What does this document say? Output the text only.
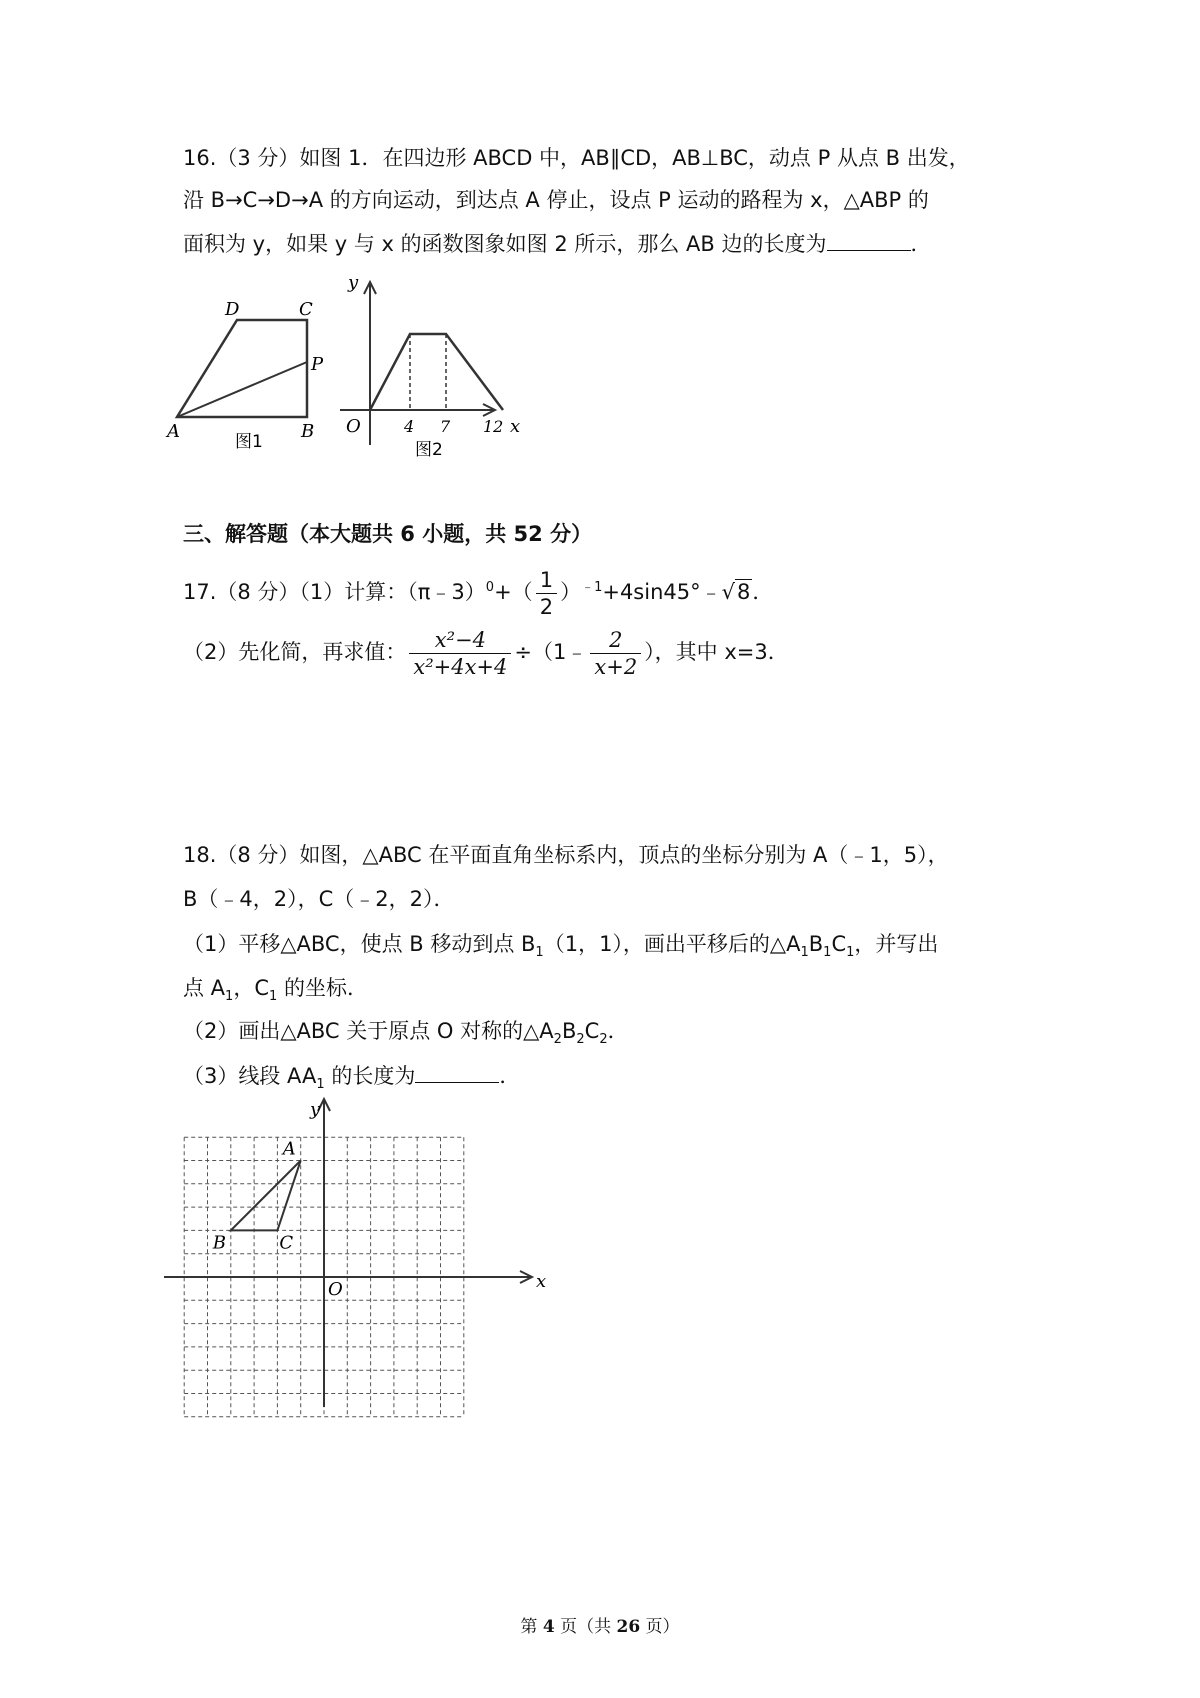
16.（3 分）如图 1．在四边形 ABCD 中，AB∥CD，AB⊥BC，动点 P 从点 B 出发，
沿 B→C→D→A 的方向运动，到达点 A 停止，设点 P 运动的路程为 x，△ABP 的
面积为 y，如果 y 与 x 的函数图象如图 2 所示，那么 AB 边的长度为	．
D	C
P
A	B
图1
y
O	4 7 12 x
图2
三、解答题（本大题共 6 小题，共 52 分）
17.（8 分）（1）计算：（π﹣3）$^0$+（ $\frac{1}{2}$ ）$^{﹣1}$+4sin45°﹣√8．
（2）先化简，再求值： $\frac{\text{x²−4}}{\text{x²+4x+4}}$ ÷（1﹣ $\frac{2}{x+2}$ ），其中 x=3．
18.（8 分）如图，△ABC 在平面直角坐标系内，顶点的坐标分别为 A（﹣1，5），
B（﹣4，2），C（﹣2，2）．
（1）平移△ABC，使点 B 移动到点 $B_1(1$，1），画出平移后的$\triangle A_1B_1C_1$，并写出
点 $A_1$，$C_1$ 的坐标．
（2）画出△ABC 关于原点 O 对称的$\triangle A_2B_2C_2$．
（3）线段 $AA_1$ 的长度为	．
y
x
O
A
B	C
第 4 页（共 26 页）
